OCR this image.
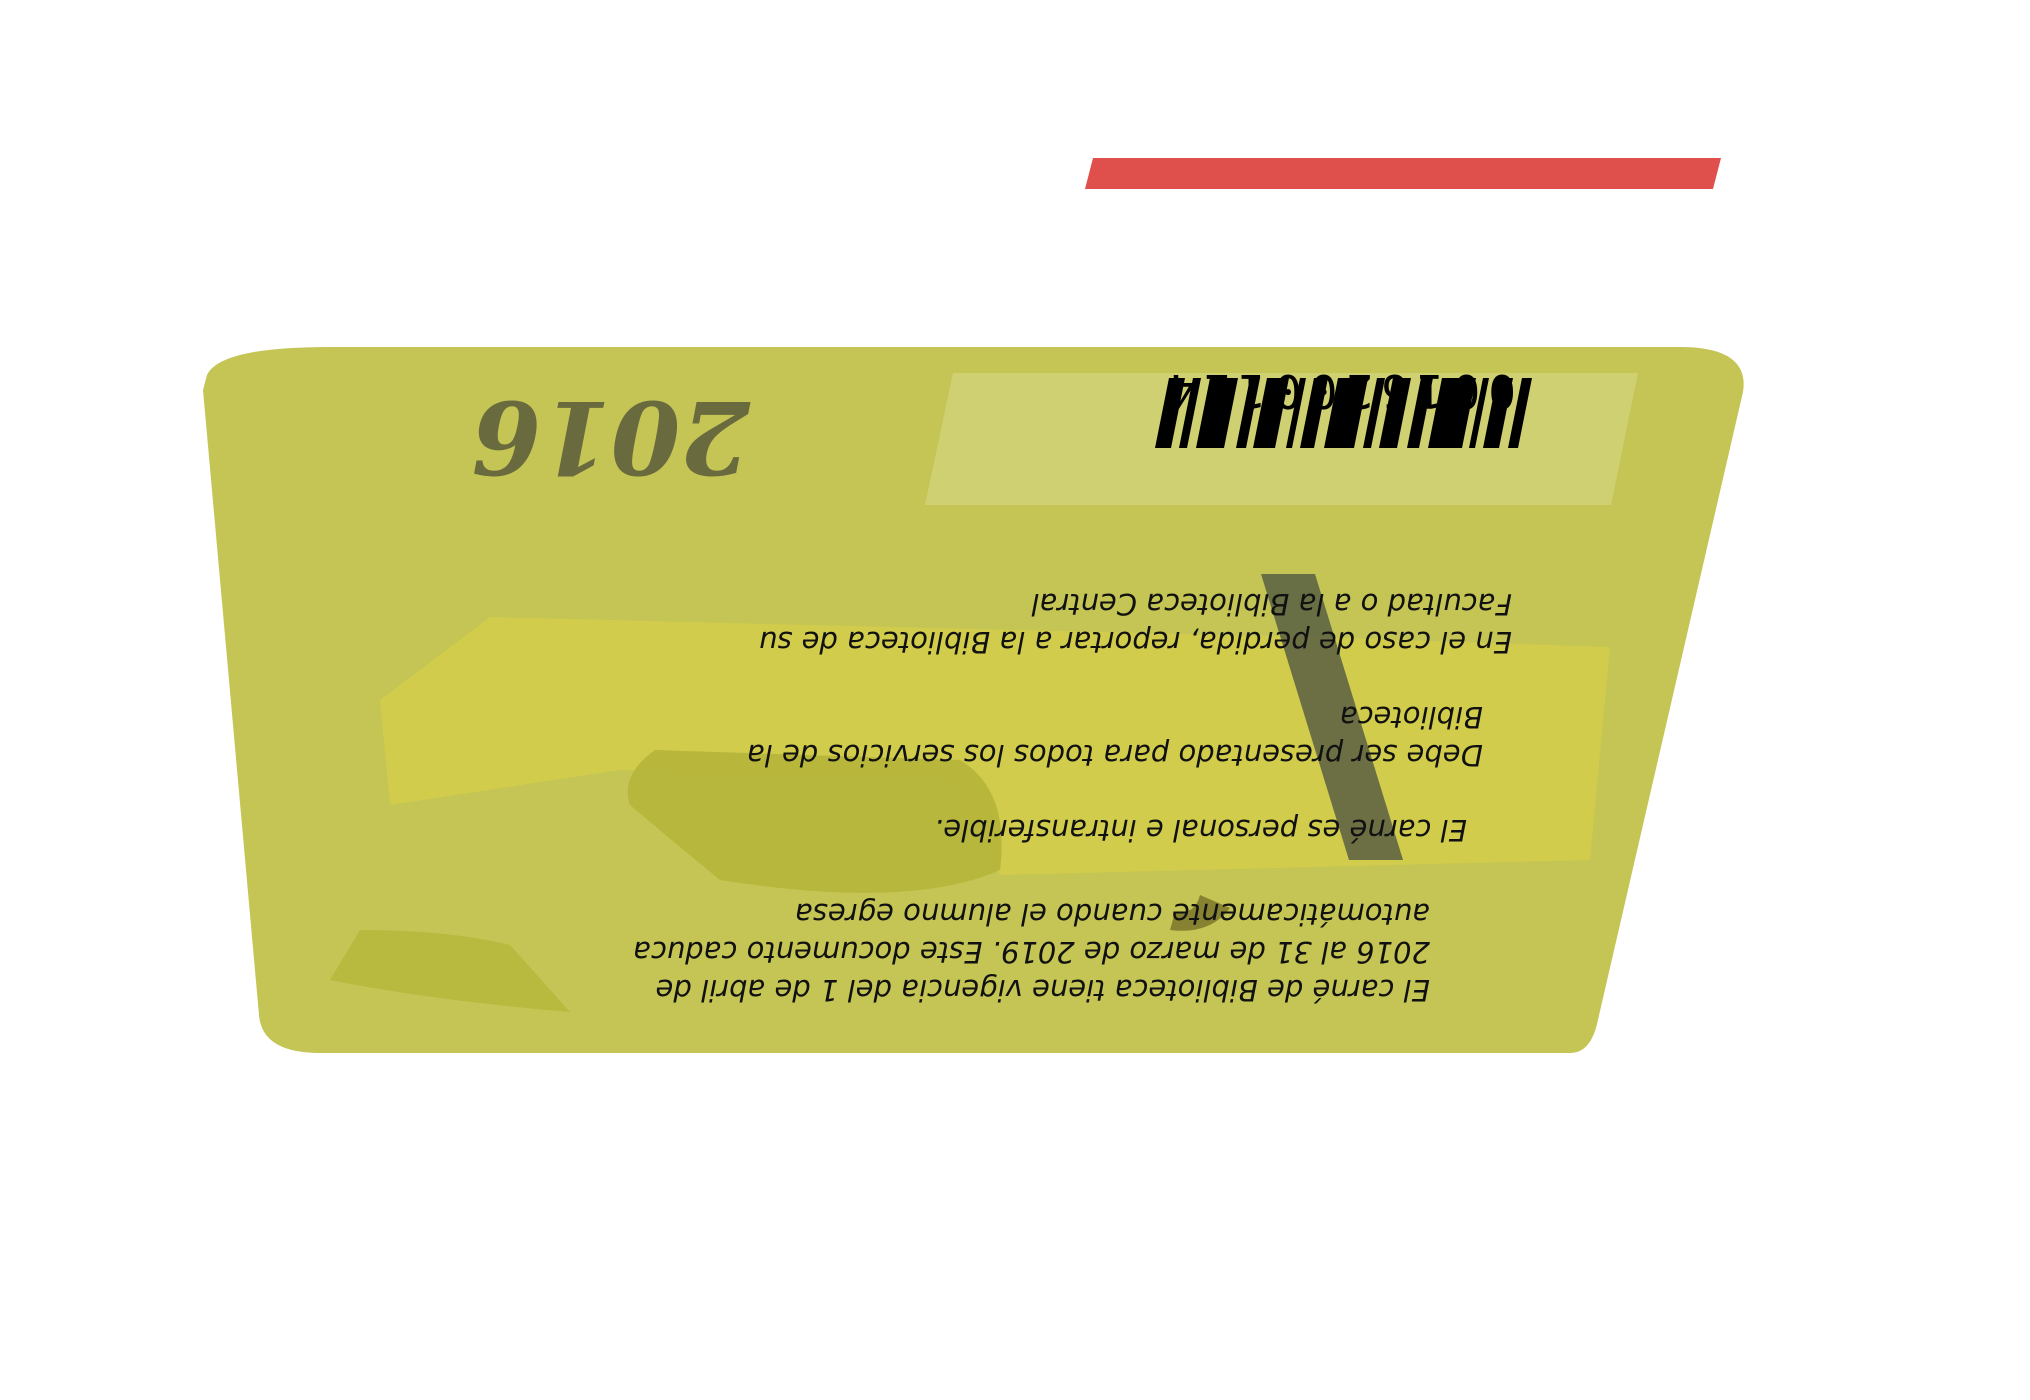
2016	0016200124
El carné de Biblioteca tiene vigencia del 1 de abril de
2016 al 31 de marzo de 2019. Este documento caduca
automáticamente cuando el alumno egresa
El carné es personal e intransferible.
Debe ser presentado para todos los servicios de la
Biblioteca
En el caso de perdida, reportar a la Biblioteca de su
Facultad o a la Biblioteca Central
